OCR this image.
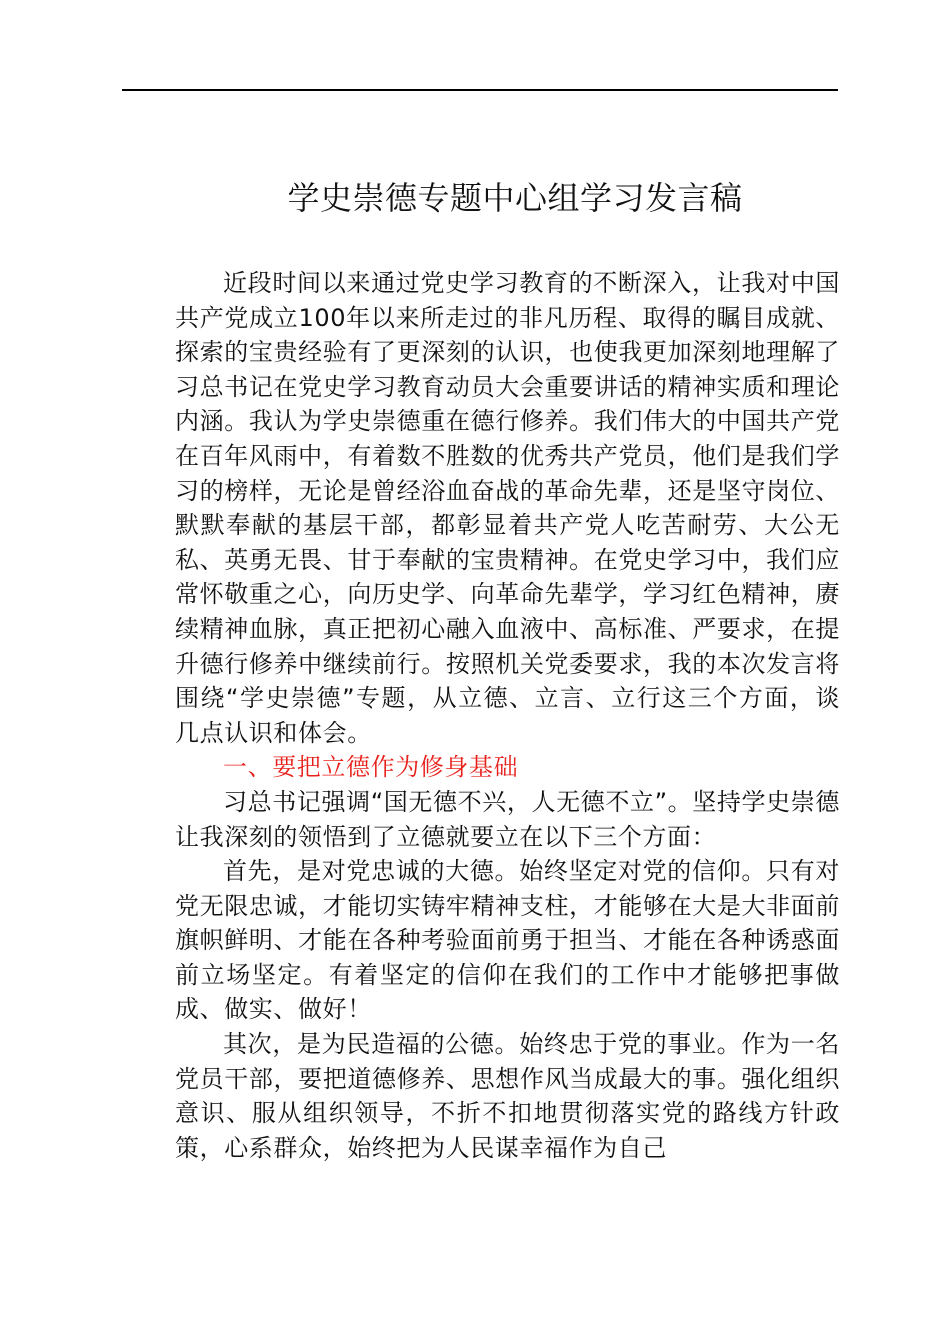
学史崇德专题中心组学习发言稿

近段时间以来通过党史学习教育的不断深入，让我对中国共产党成立100年以来所走过的非凡历程、取得的瞩目成就、探索的宝贵经验有了更深刻的认识，也使我更加深刻地理解了习总书记在党史学习教育动员大会重要讲话的精神实质和理论内涵。我认为学史崇德重在德行修养。我们伟大的中国共产党在百年风雨中，有着数不胜数的优秀共产党员，他们是我们学习的榜样，无论是曾经浴血奋战的革命先辈，还是坚守岗位、默默奉献的基层干部，都彰显着共产党人吃苦耐劳、大公无私、英勇无畏、甘于奉献的宝贵精神。在党史学习中，我们应常怀敬重之心，向历史学、向革命先辈学，学习红色精神，赓续精神血脉，真正把初心融入血液中、高标准、严要求，在提升德行修养中继续前行。按照机关党委要求，我的本次发言将围绕“学史崇德”专题，从立德、立言、立行这三个方面，谈几点认识和体会。

一、要把立德作为修身基础

习总书记强调“国无德不兴，人无德不立”。坚持学史崇德让我深刻的领悟到了立德就要立在以下三个方面：

首先，是对党忠诚的大德。始终坚定对党的信仰。只有对党无限忠诚，才能切实铸牢精神支柱，才能够在大是大非面前旗帜鲜明、才能在各种考验面前勇于担当、才能在各种诱惑面前立场坚定。有着坚定的信仰在我们的工作中才能够把事做成、做实、做好！

其次，是为民造福的公德。始终忠于党的事业。作为一名党员干部，要把道德修养、思想作风当成最大的事。强化组织意识、服从组织领导，不折不扣地贯彻落实党的路线方针政策，心系群众，始终把为人民谋幸福作为自己
